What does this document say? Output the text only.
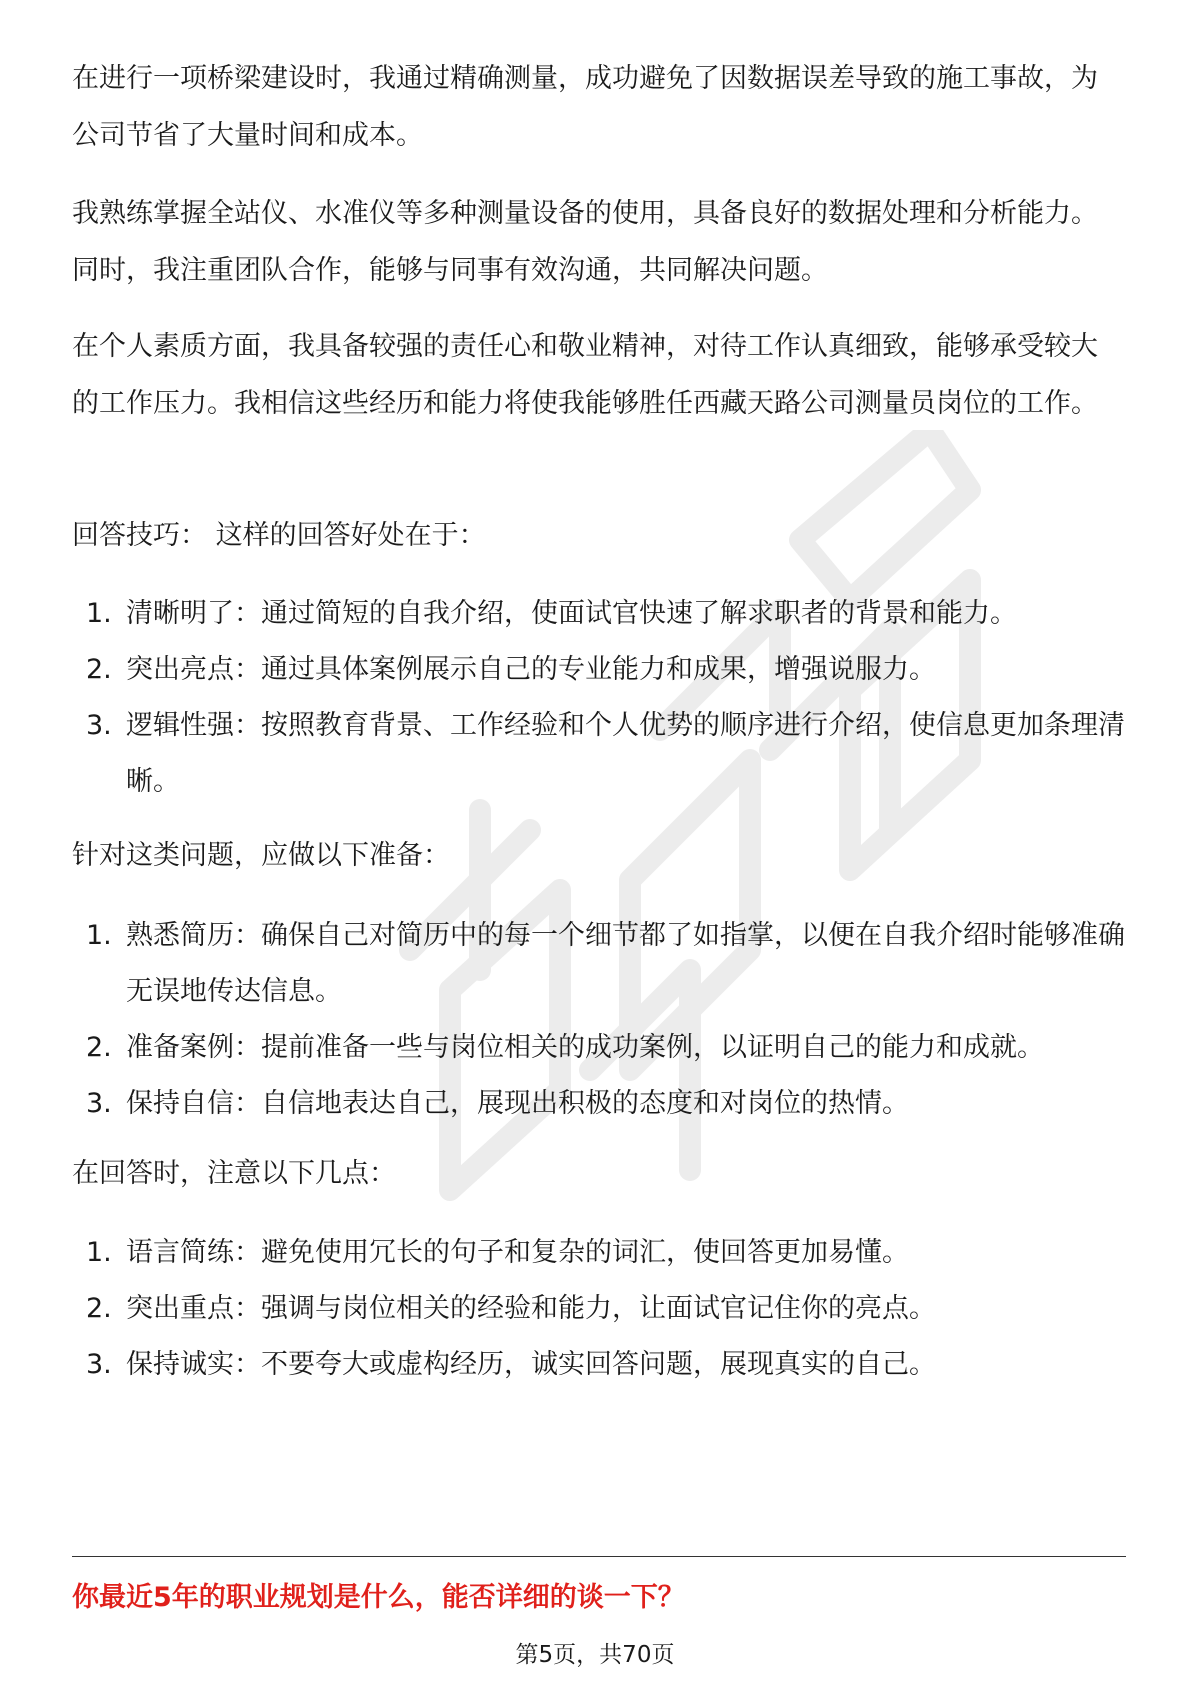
在进行一项桥梁建设时，我通过精确测量，成功避免了因数据误差导致的施工事故，为公司节省了大量时间和成本。

我熟练掌握全站仪、水准仪等多种测量设备的使用，具备良好的数据处理和分析能力。同时，我注重团队合作，能够与同事有效沟通，共同解决问题。

在个人素质方面，我具备较强的责任心和敬业精神，对待工作认真细致，能够承受较大的工作压力。我相信这些经历和能力将使我能够胜任西藏天路公司测量员岗位的工作。

回答技巧： 这样的回答好处在于：

1. 清晰明了：通过简短的自我介绍，使面试官快速了解求职者的背景和能力。
2. 突出亮点：通过具体案例展示自己的专业能力和成果，增强说服力。
3. 逻辑性强：按照教育背景、工作经验和个人优势的顺序进行介绍，使信息更加条理清晰。

针对这类问题，应做以下准备：

1. 熟悉简历：确保自己对简历中的每一个细节都了如指掌，以便在自我介绍时能够准确无误地传达信息。
2. 准备案例：提前准备一些与岗位相关的成功案例，以证明自己的能力和成就。
3. 保持自信：自信地表达自己，展现出积极的态度和对岗位的热情。

在回答时，注意以下几点：

1. 语言简练：避免使用冗长的句子和复杂的词汇，使回答更加易懂。
2. 突出重点：强调与岗位相关的经验和能力，让面试官记住你的亮点。
3. 保持诚实：不要夸大或虚构经历，诚实回答问题，展现真实的自己。

你最近5年的职业规划是什么，能否详细的谈一下？

第5页，共70页
